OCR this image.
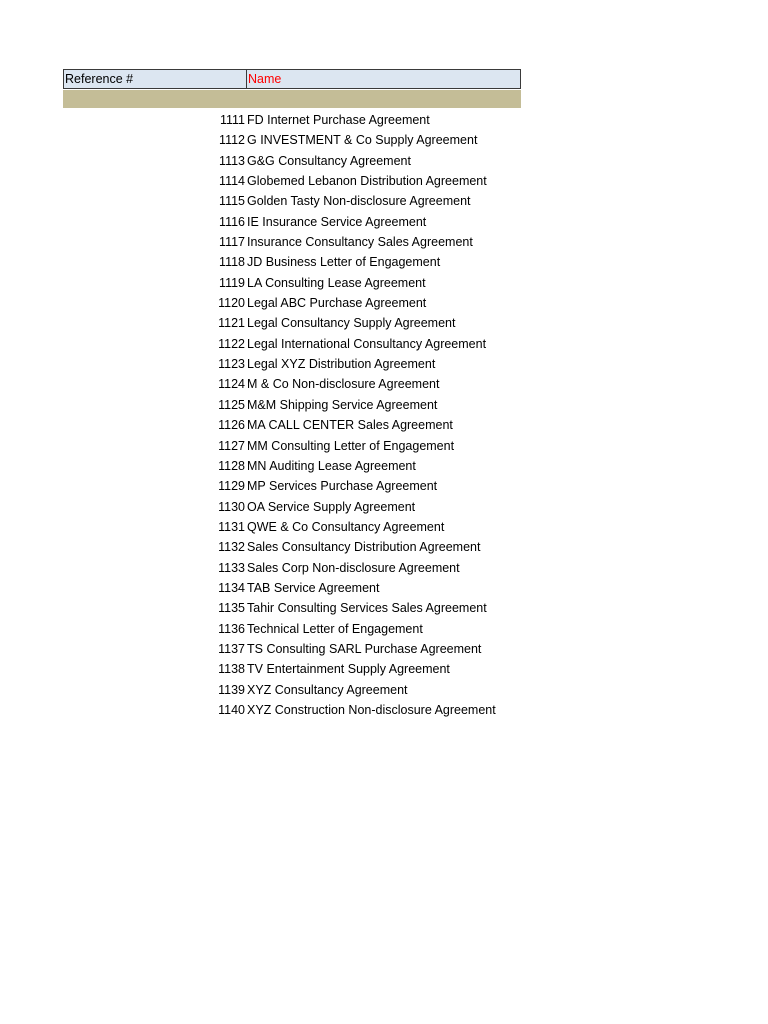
Reference #	Name
1111 FD Internet Purchase Agreement
1112 G INVESTMENT & Co Supply Agreement
1113 G&G Consultancy Agreement
1114 Globemed Lebanon Distribution Agreement
1115 Golden Tasty Non-disclosure Agreement
1116 IE Insurance Service Agreement
1117 Insurance Consultancy Sales Agreement
1118 JD Business Letter of Engagement
1119 LA Consulting Lease Agreement
1120 Legal ABC Purchase Agreement
1121 Legal Consultancy Supply Agreement
1122 Legal International Consultancy Agreement
1123 Legal XYZ Distribution Agreement
1124 M & Co Non-disclosure Agreement
1125 M&M Shipping Service Agreement
1126 MA CALL CENTER Sales Agreement
1127 MM Consulting Letter of Engagement
1128 MN Auditing Lease Agreement
1129 MP Services Purchase Agreement
1130 OA Service Supply Agreement
1131 QWE & Co Consultancy Agreement
1132 Sales Consultancy Distribution Agreement
1133 Sales Corp Non-disclosure Agreement
1134 TAB Service Agreement
1135 Tahir Consulting Services Sales Agreement
1136 Technical Letter of Engagement
1137 TS Consulting SARL Purchase Agreement
1138 TV Entertainment Supply Agreement
1139 XYZ Consultancy Agreement
1140 XYZ Construction Non-disclosure Agreement
